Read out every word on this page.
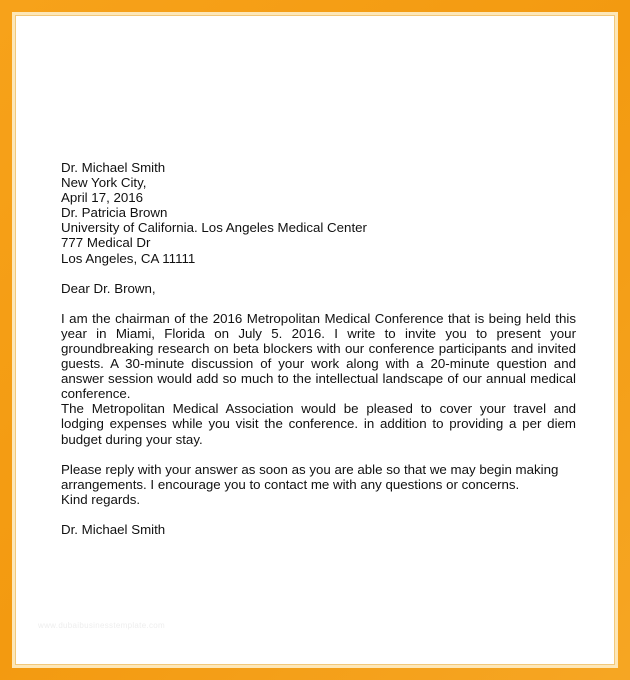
Dr. Michael Smith
New York City,
April 17, 2016
Dr. Patricia Brown
University of California. Los Angeles Medical Center
777 Medical Dr
Los Angeles, CA 11111

Dear Dr. Brown,

I am the chairman of the 2016 Metropolitan Medical Conference that is being held this year in Miami, Florida on July 5. 2016. I write to invite you to present your groundbreaking research on beta blockers with our conference participants and invited guests. A 30-minute discussion of your work along with a 20-minute question and answer session would add so much to the intellectual landscape of our annual medical conference.

The Metropolitan Medical Association would be pleased to cover your travel and lodging expenses while you visit the conference. in addition to providing a per diem budget during your stay.

Please reply with your answer as soon as you are able so that we may begin making arrangements. I encourage you to contact me with any questions or concerns.

Kind regards.

Dr. Michael Smith

www.dubaibusinesstemplate.com
